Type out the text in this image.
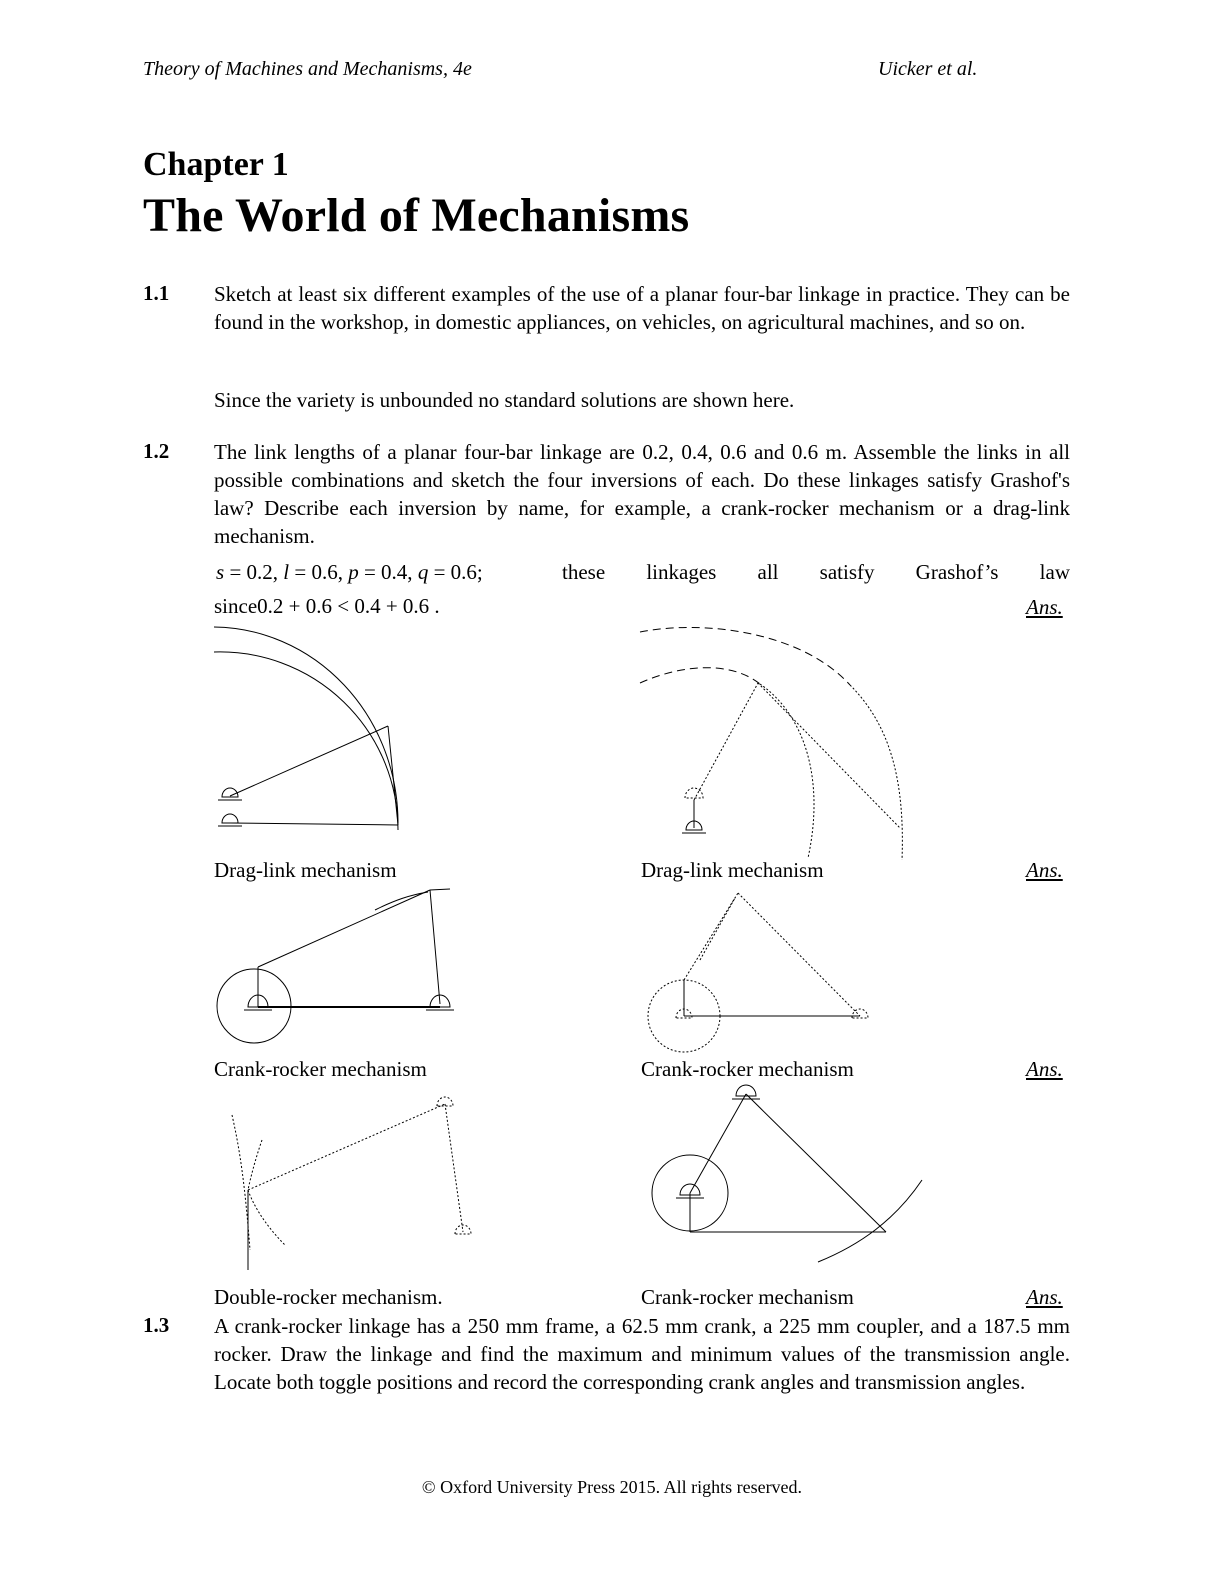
Theory of Machines and Mechanisms, 4e	Uicker et al.
Chapter 1
The World of Mechanisms
1.1 Sketch at least six different examples of the use of a planar four-bar linkage in practice. They can be found in the workshop, in domestic appliances, on vehicles, on agricultural machines, and so on.
Since the variety is unbounded no standard solutions are shown here.
1.2 The link lengths of a planar four-bar linkage are 0.2, 0.4, 0.6 and 0.6 m. Assemble the links in all possible combinations and sketch the four inversions of each. Do these linkages satisfy Grashof's law? Describe each inversion by name, for example, a crank-rocker mechanism or a drag-link mechanism.
s = 0.2, l = 0.6, p = 0.4, q = 0.6;	these linkages all satisfy Grashof’s law
since0.2 + 0.6 < 0.4 + 0.6 .	Ans.
Drag-link mechanism	Drag-link mechanism	Ans.
Crank-rocker mechanism	Crank-rocker mechanism	Ans.
Double-rocker mechanism.	Crank-rocker mechanism	Ans.
1.3 A crank-rocker linkage has a 250 mm frame, a 62.5 mm crank, a 225 mm coupler, and a 187.5 mm rocker. Draw the linkage and find the maximum and minimum values of the transmission angle. Locate both toggle positions and record the corresponding crank angles and transmission angles.
© Oxford University Press 2015. All rights reserved.
